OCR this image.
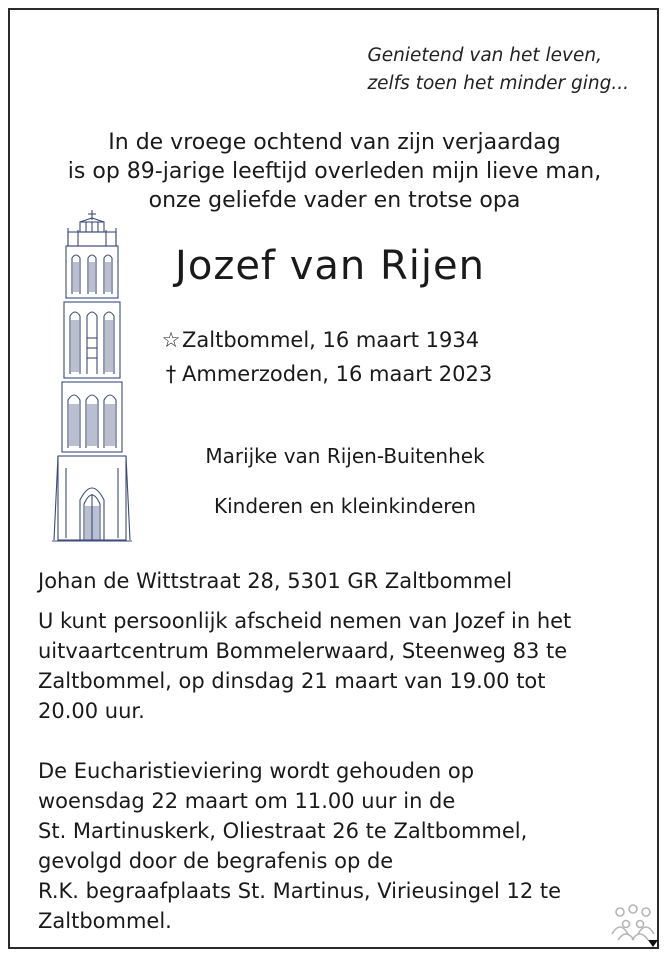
Genietend van het leven,
zelfs toen het minder ging...
In de vroege ochtend van zijn verjaardag
is op 89-jarige leeftijd overleden mijn lieve man,
onze geliefde vader en trotse opa
Jozef van Rijen
☆Zaltbommel, 16 maart 1934
† Ammerzoden, 16 maart 2023
Marijke van Rijen-Buitenhek
Kinderen en kleinkinderen
Johan de Wittstraat 28, 5301 GR Zaltbommel
U kunt persoonlijk afscheid nemen van Jozef in het
uitvaartcentrum Bommelerwaard, Steenweg 83 te
Zaltbommel, op dinsdag 21 maart van 19.00 tot
20.00 uur.
De Eucharistieviering wordt gehouden op
woensdag 22 maart om 11.00 uur in de
St. Martinuskerk, Oliestraat 26 te Zaltbommel,
gevolgd door de begrafenis op de
R.K. begraafplaats St. Martinus, Virieusingel 12 te
Zaltbommel.
